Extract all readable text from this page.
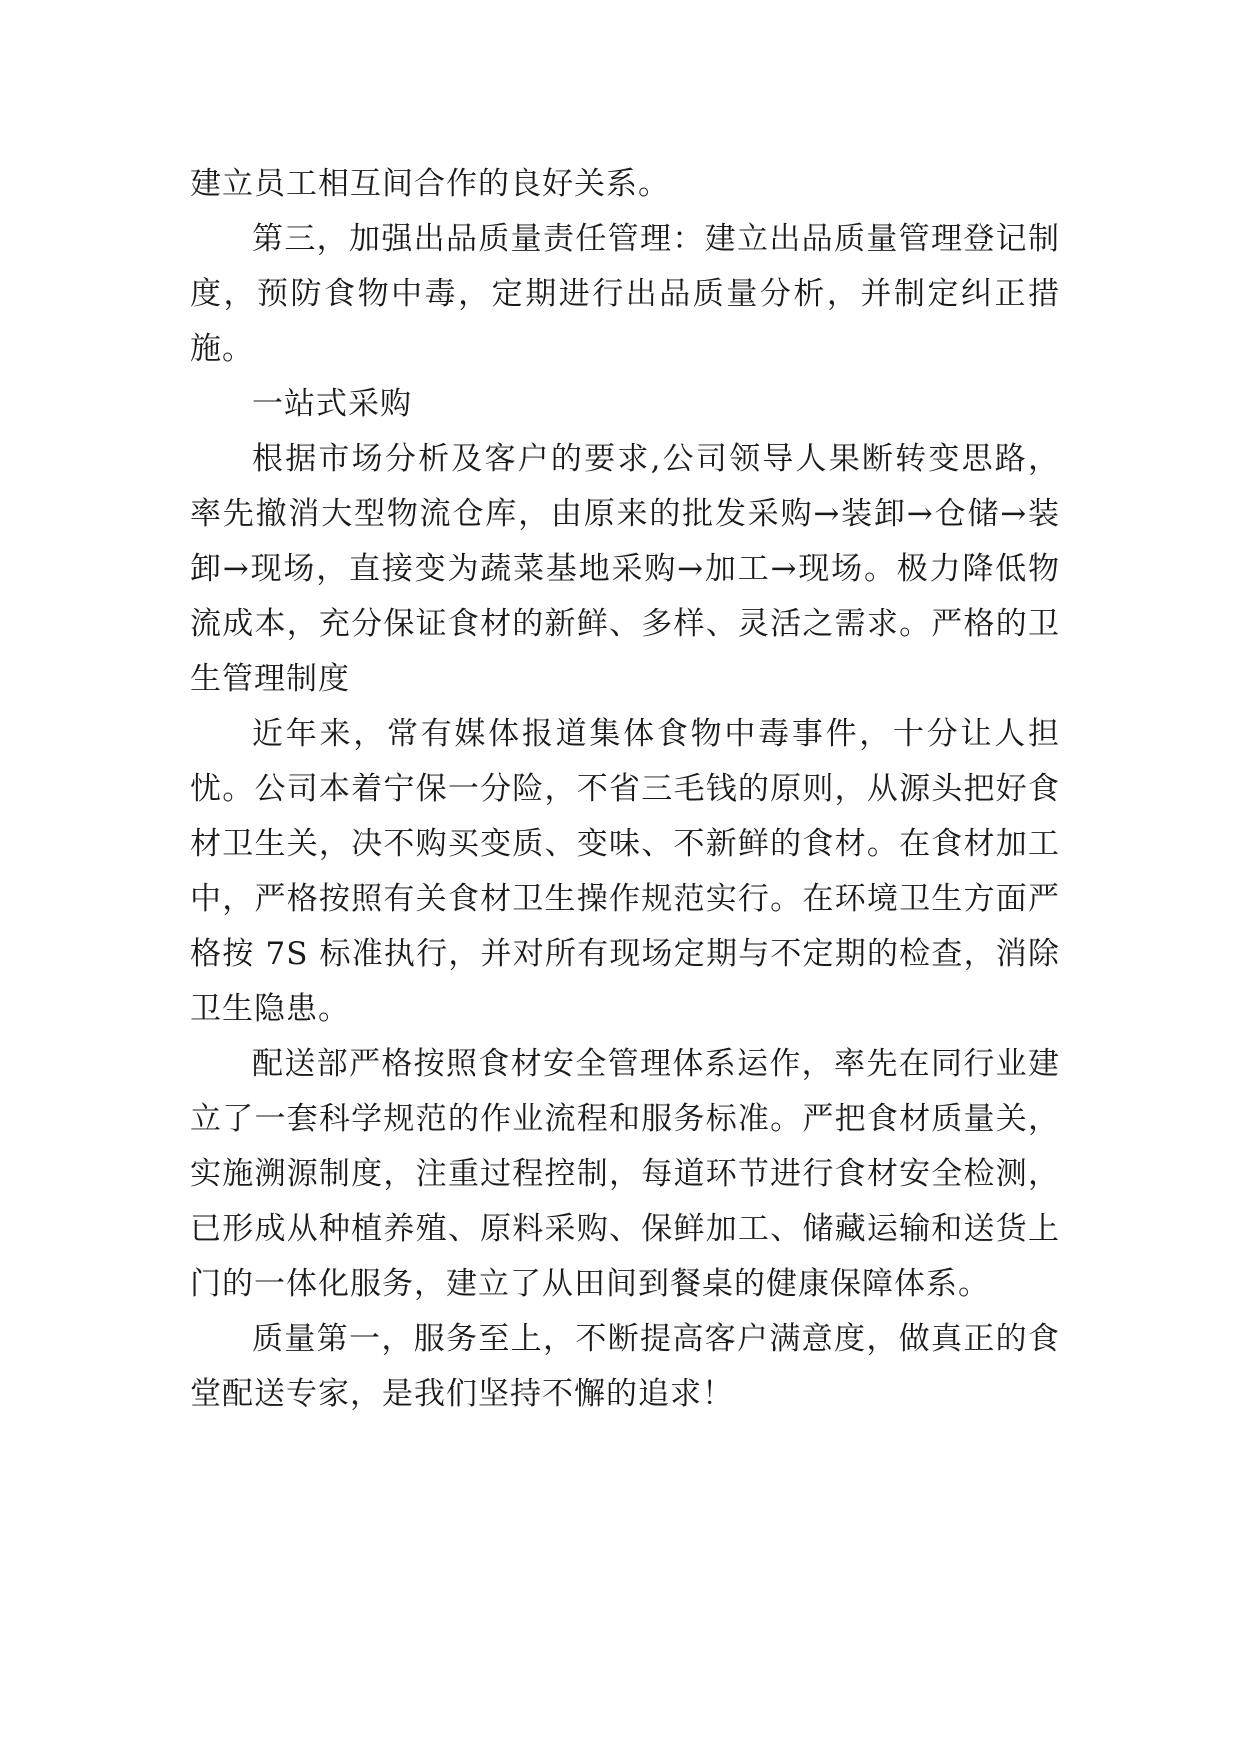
建立员工相互间合作的良好关系。

第三，加强出品质量责任管理：建立出品质量管理登记制度，预防食物中毒，定期进行出品质量分析，并制定纠正措施。

一站式采购

根据市场分析及客户的要求,公司领导人果断转变思路，率先撤消大型物流仓库，由原来的批发采购→装卸→仓储→装卸→现场，直接变为蔬菜基地采购→加工→现场。极力降低物流成本，充分保证食材的新鲜、多样、灵活之需求。严格的卫生管理制度

近年来，常有媒体报道集体食物中毒事件，十分让人担忧。公司本着宁保一分险，不省三毛钱的原则，从源头把好食材卫生关，决不购买变质、变味、不新鲜的食材。在食材加工中，严格按照有关食材卫生操作规范实行。在环境卫生方面严格按 7S 标准执行，并对所有现场定期与不定期的检查，消除卫生隐患。

配送部严格按照食材安全管理体系运作，率先在同行业建立了一套科学规范的作业流程和服务标准。严把食材质量关，实施溯源制度，注重过程控制，每道环节进行食材安全检测，已形成从种植养殖、原料采购、保鲜加工、储藏运输和送货上门的一体化服务，建立了从田间到餐桌的健康保障体系。

质量第一，服务至上，不断提高客户满意度，做真正的食堂配送专家，是我们坚持不懈的追求！
